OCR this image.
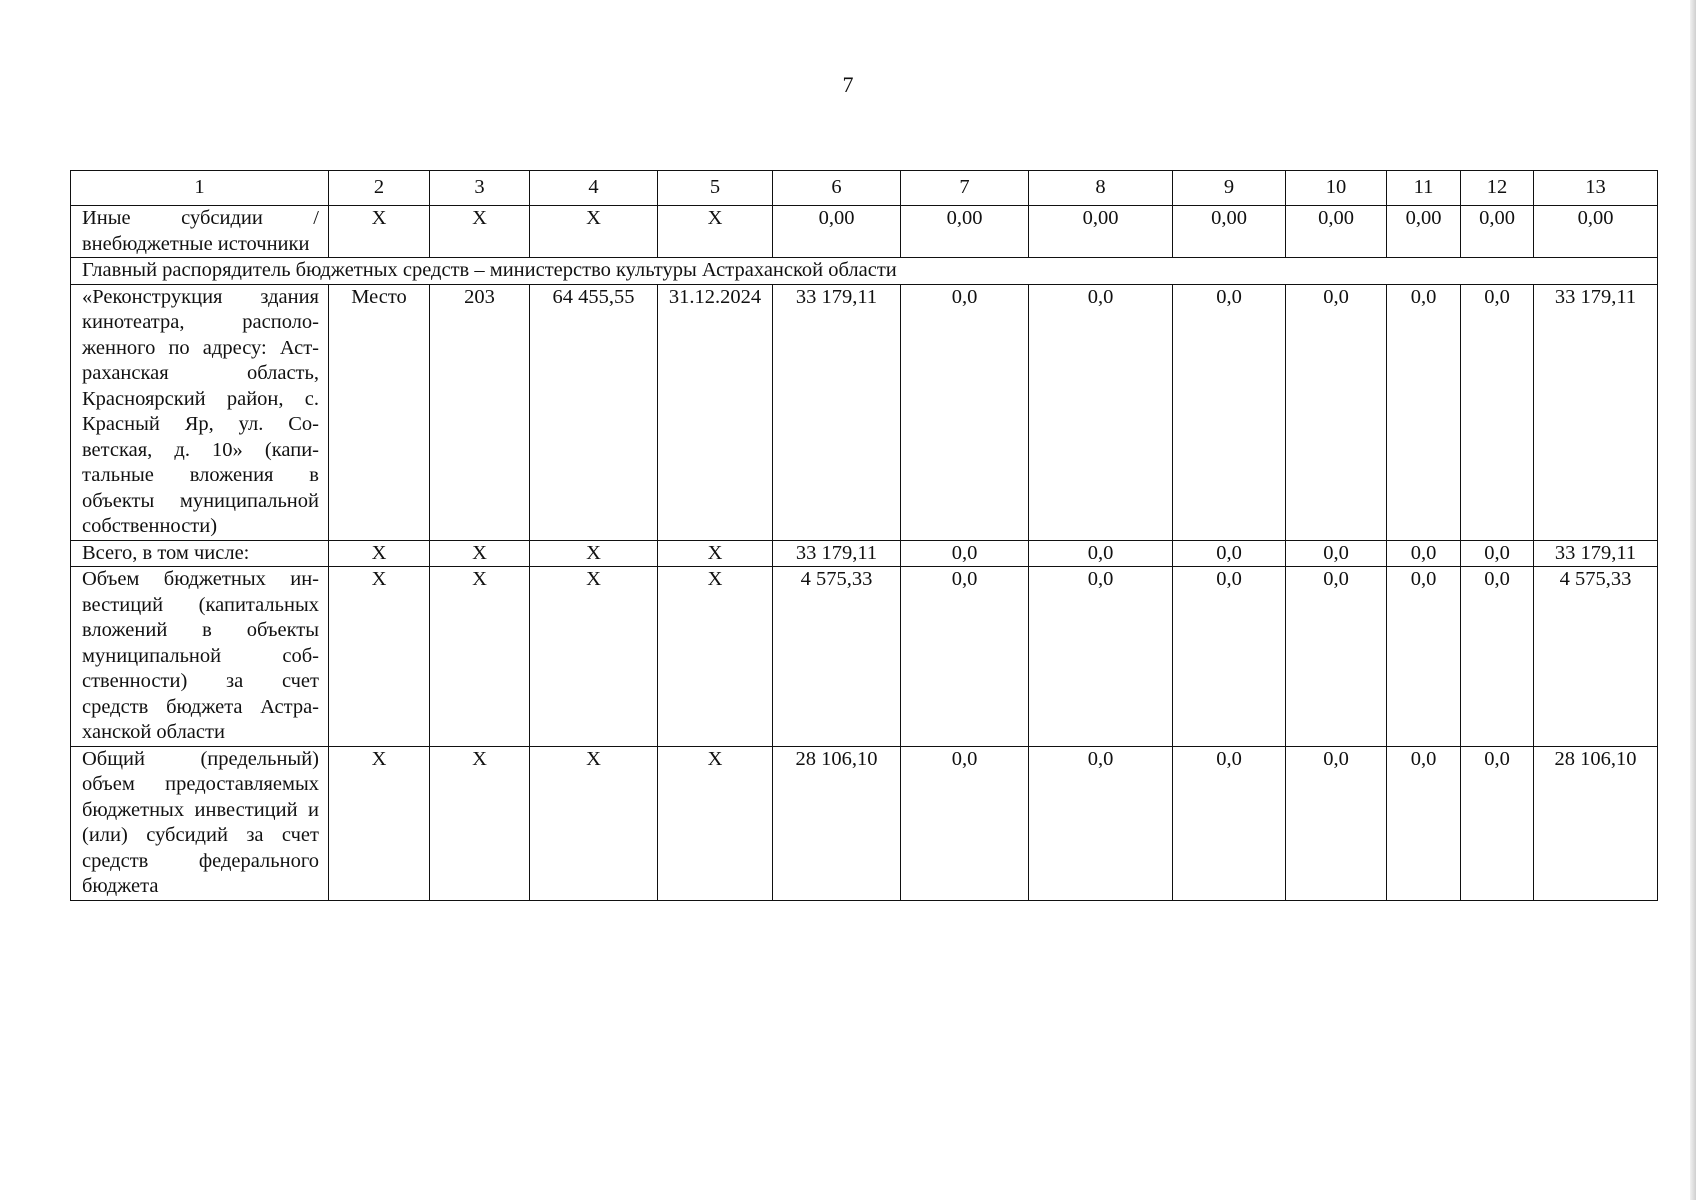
7
1	2	3	4	5	6	7	8	9	10	11	12	13
Иные субсидии / внебюджетные источники	X	X	X	X	0,00	0,00	0,00	0,00	0,00	0,00	0,00	0,00
Главный распорядитель бюджетных средств – министерство культуры Астраханской области												
«Реконструкция здания кинотеатра, расположенного по адресу: Астраханская область, Красноярский район, с. Красный Яр, ул. Советская, д. 10» (капитальные вложения в объекты муниципальной собственности)	Место	203	64 455,55	31.12.2024	33 179,11	0,0	0,0	0,0	0,0	0,0	0,0	33 179,11
Всего, в том числе:	X	X	X	X	33 179,11	0,0	0,0	0,0	0,0	0,0	0,0	33 179,11
Объем бюджетных инвестиций (капитальных вложений в объекты муниципальной собственности) за счет средств бюджета Астраханской области	X	X	X	X	4 575,33	0,0	0,0	0,0	0,0	0,0	0,0	4 575,33
Общий (предельный) объем предоставляемых бюджетных инвестиций и (или) субсидий за счет средств федерального бюджета	X	X	X	X	28 106,10	0,0	0,0	0,0	0,0	0,0	0,0	28 106,10
